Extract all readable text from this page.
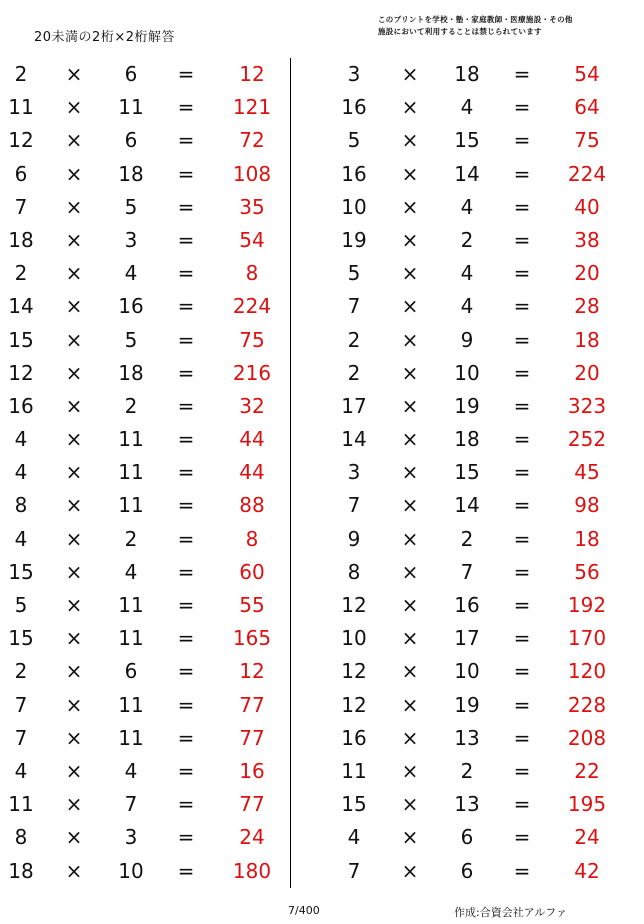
20未満の2桁×2桁解答
このプリントを学校・塾・家庭教師・医療施設・その他
施設において利用することは禁じられています
2	×	6	=	12
11 × 11 =	121
12 ×	6	=	72
6	× 18 =	108
7	×	5	=	35
18 ×	3	=	54
2	×	4	=	8
14 × 16 =	224
15 ×	5	=	75
12 × 18 =	216
16 ×	2	=	32
4	× 11 =	44
4	× 11 =	44
8	× 11 =	88
4	×	2	=	8
15 ×	4	=	60
5	× 11 =	55
15 × 11 =	165
2	×	6	=	12
7	× 11 =	77
7	× 11 =	77
4	×	4	=	16
11 ×	7	=	77
8	×	3	=	24
18 × 10 =	180
3	×	18	=	54
16 ×	4	=	64
5	×	15	=	75
16 ×	14	=	224
10 ×	4	=	40
19 ×	2	=	38
5	×	4	=	20
7	×	4	=	28
2	×	9	=	18
2	×	10	=	20
17 ×	19	=	323
14 ×	18	=	252
3	×	15	=	45
7	×	14	=	98
9	×	2	=	18
8	×	7	=	56
12 ×	16	=	192
10 ×	17	=	170
12 ×	10	=	120
12 ×	19	=	228
16 ×	13	=	208
11 ×	2	=	22
15 ×	13	=	195
4	×	6	=	24
7	×	6	=	42
7/400	作成:合資会社アルファ
